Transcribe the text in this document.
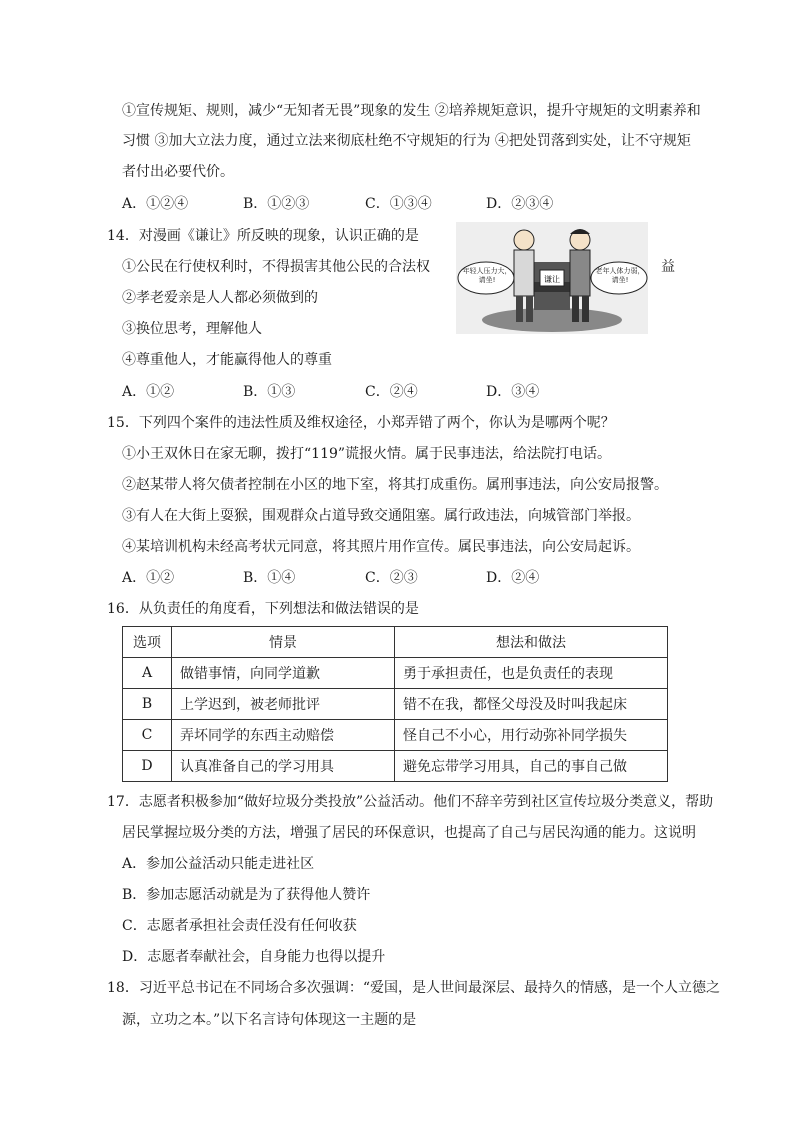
①宣传规矩、规则，减少“无知者无畏”现象的发生 ②培养规矩意识，提升守规矩的文明素养和
习惯 ③加大立法力度，通过立法来彻底杜绝不守规矩的行为 ④把处罚落到实处，让不守规矩
者付出必要代价。
A．①②④	B．①②③	C．①③④	D．②③④
14．对漫画《谦让》所反映的现象，认识正确的是
①公民在行使权利时，不得损害其他公民的合法权
②孝老爱亲是人人都必须做到的
③换位思考，理解他人
④尊重他人，才能赢得他人的尊重
益
谦让
年轻人压力大，请坐!
老年人体力弱，请坐!
A．①②	B．①③	C．②④	D．③④
15．下列四个案件的违法性质及维权途径，小郑弄错了两个，你认为是哪两个呢？
①小王双休日在家无聊，拨打“119”谎报火情。属于民事违法，给法院打电话。
②赵某带人将欠债者控制在小区的地下室，将其打成重伤。属刑事违法，向公安局报警。
③有人在大街上耍猴，围观群众占道导致交通阻塞。属行政违法，向城管部门举报。
④某培训机构未经高考状元同意，将其照片用作宣传。属民事违法，向公安局起诉。
A．①②	B．①④	C．②③	D．②④
16．从负责任的角度看，下列想法和做法错误的是
选项	情景	想法和做法
A	做错事情，向同学道歉	勇于承担责任，也是负责任的表现
B	上学迟到，被老师批评	错不在我，都怪父母没及时叫我起床
C	弄坏同学的东西主动赔偿	怪自己不小心，用行动弥补同学损失
D	认真准备自己的学习用具	避免忘带学习用具，自己的事自己做
17．志愿者积极参加“做好垃圾分类投放”公益活动。他们不辞辛劳到社区宣传垃圾分类意义，帮助
居民掌握垃圾分类的方法，增强了居民的环保意识，也提高了自己与居民沟通的能力。这说明
A．参加公益活动只能走进社区
B．参加志愿活动就是为了获得他人赞许
C．志愿者承担社会责任没有任何收获
D．志愿者奉献社会，自身能力也得以提升
18．习近平总书记在不同场合多次强调：“爱国，是人世间最深层、最持久的情感，是一个人立德之
源，立功之本。”以下名言诗句体现这一主题的是
